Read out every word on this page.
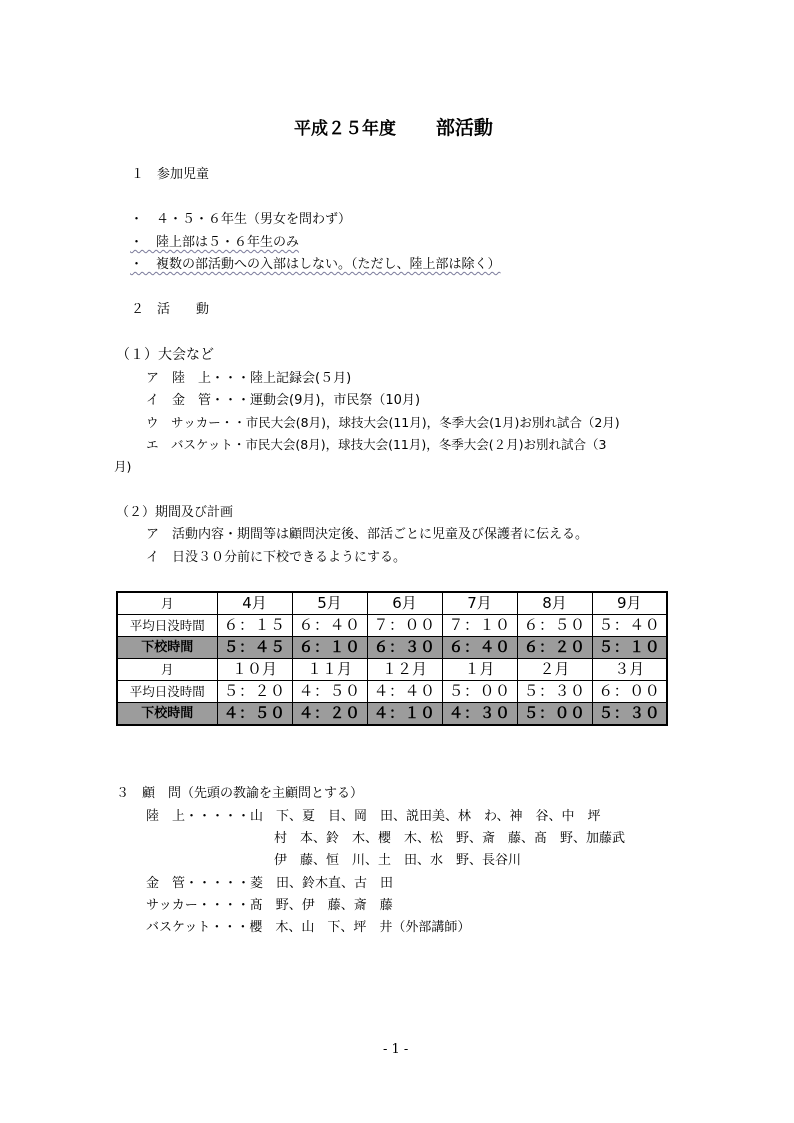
平成２５年度 部活動
１　参加児童
・　４・５・６年生（男女を問わず）
・　陸上部は５・６年生のみ
・　複数の部活動への入部はしない。（ただし、陸上部は除く）
２　活　　動
（１）大会など
ア　陸　上・・・陸上記録会(５月)
イ　金　管・・・運動会(9月)，市民祭（10月)
ウ　サッカー・・市民大会(8月)，球技大会(11月)，冬季大会(1月)お別れ試合（2月)
エ　バスケット・市民大会(8月)，球技大会(11月)，冬季大会(２月)お別れ試合（3
月)
（２）期間及び計画
ア　活動内容・期間等は顧問決定後、部活ごとに児童及び保護者に伝える。
イ　日没３０分前に下校できるようにする。
月	4月	5月	6月	7月	8月	9月
平均日没時間	６：１５	６：４０	７：００	７：１０	６：５０	５：４０
下校時間	５：４５	６：１０	６：３０	６：４０	６：２０	５：１０
月	１０月	１１月	１２月	１月	２月	３月
平均日没時間	５：２０	４：５０	４：４０	５：００	５：３０	６：００
下校時間	４：５０	４：２０	４：１０	４：３０	５：００	５：３０
３　顧　問（先頭の教諭を主顧問とする）
陸　上・・・・・山　下、夏　目、岡　田、説田美、林　わ、神　谷、中　坪
村　本、鈴　木、櫻　木、松　野、斎　藤、髙　野、加藤武
伊　藤、恒　川、土　田、水　野、長谷川
金　管・・・・・菱　田、鈴木直、古　田
サッカー・・・・髙　野、伊　藤、斎　藤
バスケット・・・櫻　木、山　下、坪　井（外部講師）
- 1 -
